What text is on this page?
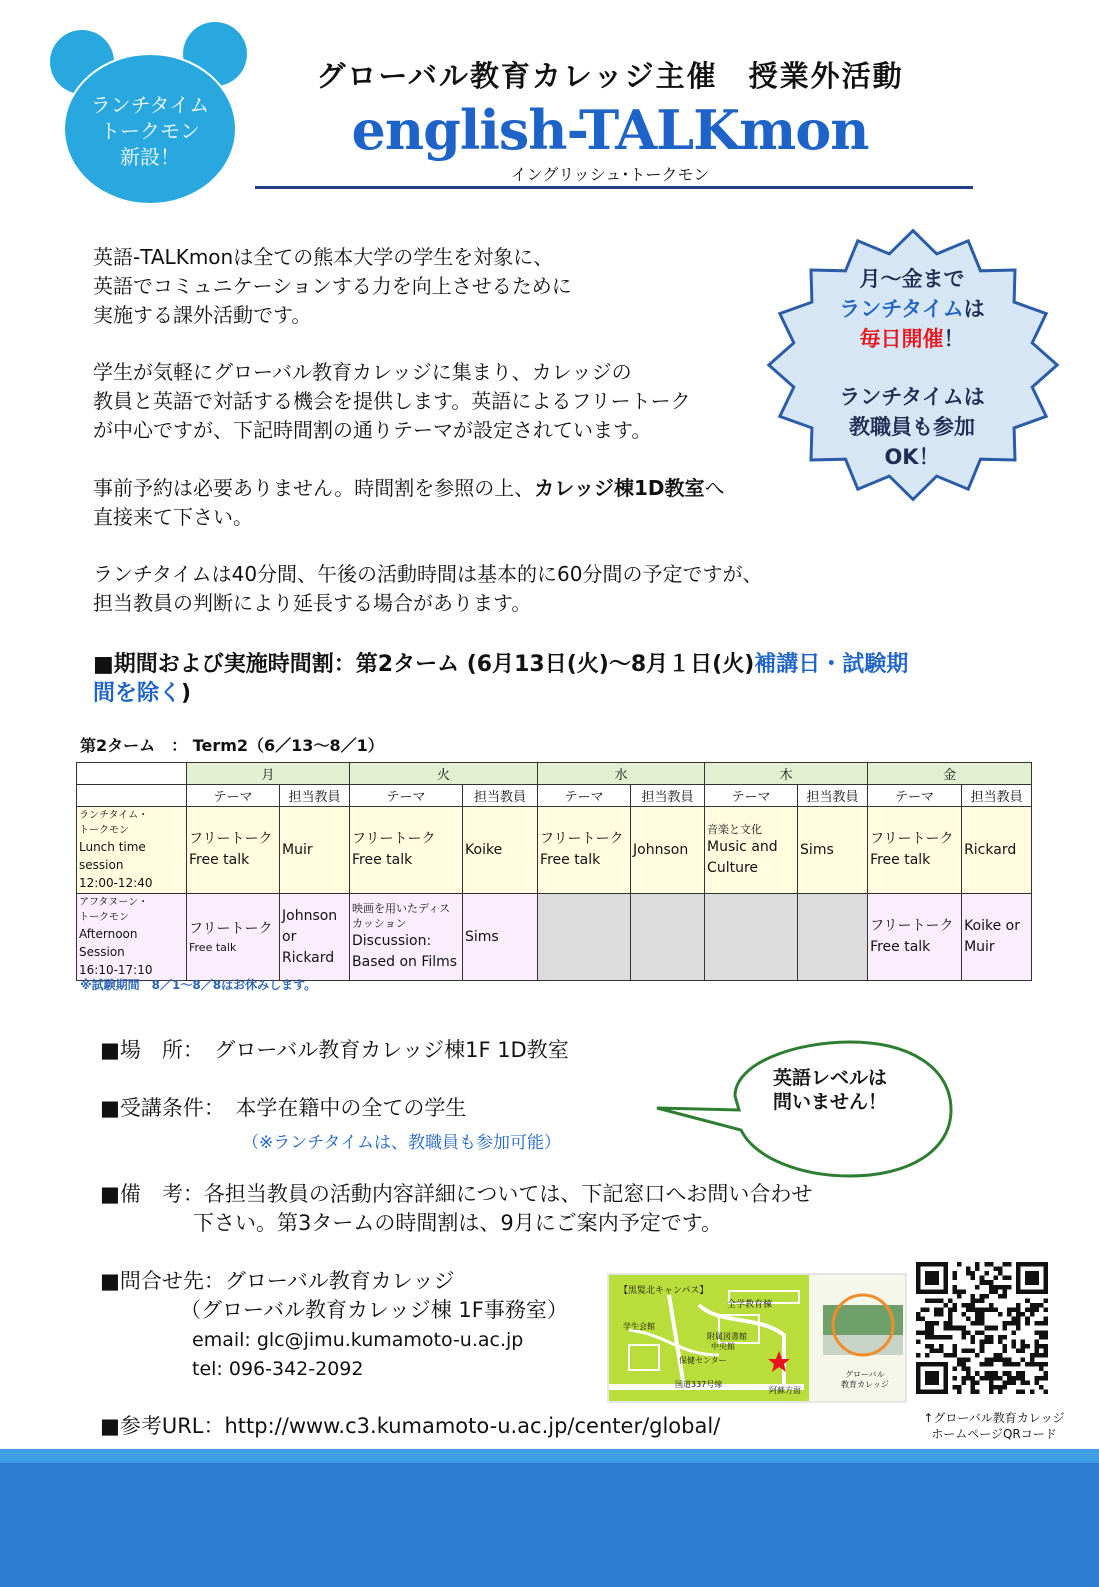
ランチタイム
トークモン
新設！
グローバル教育カレッジ主催　授業外活動
english-TALKmon
イングリッシュ･トークモン
月～金まで
ランチタイムは
毎日開催！
ランチタイムは
教職員も参加
OK！
英語-TALKmonは全ての熊本大学の学生を対象に、
英語でコミュニケーションする力を向上させるために
実施する課外活動です。
学生が気軽にグローバル教育カレッジに集まり、カレッジの
教員と英語で対話する機会を提供します。英語によるフリートーク
が中心ですが、下記時間割の通りテーマが設定されています。
事前予約は必要ありません。時間割を参照の上、カレッジ棟1D教室へ
直接来て下さい。
ランチタイムは40分間、午後の活動時間は基本的に60分間の予定ですが、
担当教員の判断により延長する場合があります。
■期間および実施時間割：第2ターム (6月13日(火)～8月１日(火)補講日・試験期
間を除く)
第2ターム　： Term2（6／13～8／1）
	月		火		水		木		金	
	テーマ	担当教員	テーマ	担当教員	テーマ	担当教員	テーマ	担当教員	テーマ	担当教員

ランチタイム・
トークモン
Lunch time
session
12:00-12:40	フリートーク
Free talk	Muir	フリートーク
Free talk	Koike	フリートーク
Free talk	Johnson	音楽と文化
Music and
Culture	Sims	フリートーク
Free talk	Rickard

アフタヌーン・
トークモン
Afternoon
Session
16:10-17:10	フリートーク
Free talk	Johnson
or
Rickard	映画を用いたディス
カッション
Discussion:
Based on Films	Sims					フリートーク
Free talk	Koike or
Muir
※試験期間　8／1～8／8はお休みします。
■場　所：　グローバル教育カレッジ棟1F 1D教室
■受講条件：　本学在籍中の全ての学生
（※ランチタイムは、教職員も参加可能）
■備　考：各担当教員の活動内容詳細については、下記窓口へお問い合わせ
下さい。第3タームの時間割は、9月にご案内予定です。
■問合せ先：グローバル教育カレッジ
（グローバル教育カレッジ棟 1F事務室）
email: glc@jimu.kumamoto-u.ac.jp
tel: 096-342-2092
■参考URL：http://www.c3.kumamoto-u.ac.jp/center/global/
英語レベルは
問いません！
【黒髪北キャンパス】
全学教育棟
学生会館
附属図書館
中央館
保健センター
国道337号線
阿蘇方面
グローバル
教育カレッジ
↑グローバル教育カレッジ
ホームページQRコード
